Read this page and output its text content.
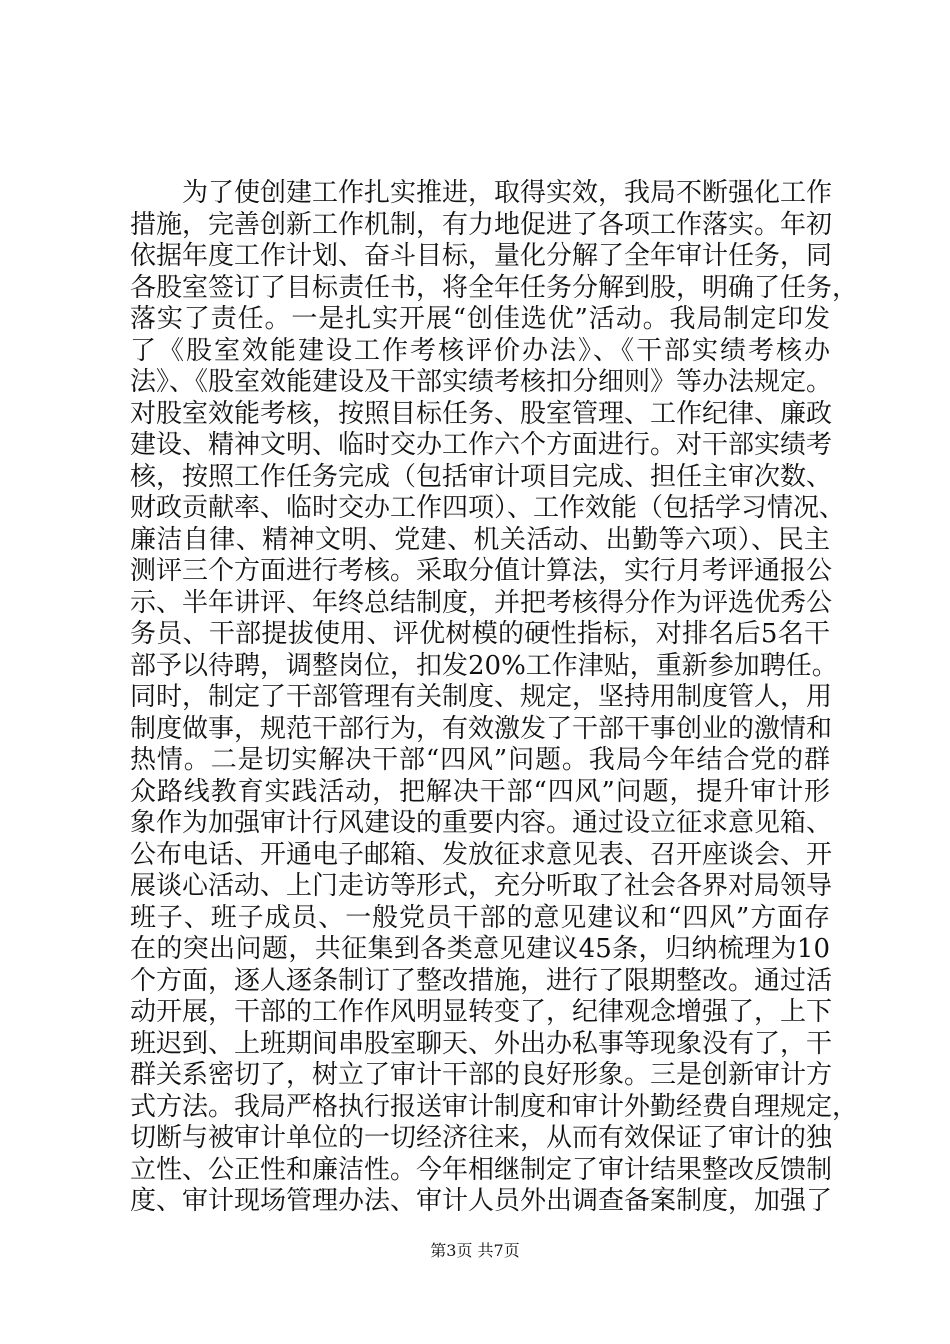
为了使创建工作扎实推进，取得实效，我局不断强化工作
措施，完善创新工作机制，有力地促进了各项工作落实。年初
依据年度工作计划、奋斗目标，量化分解了全年审计任务，同
各股室签订了目标责任书，将全年任务分解到股，明确了任务，
落实了责任。一是扎实开展“创佳选优”活动。我局制定印发
了《股室效能建设工作考核评价办法》、《干部实绩考核办
法》、《股室效能建设及干部实绩考核扣分细则》等办法规定。
对股室效能考核，按照目标任务、股室管理、工作纪律、廉政
建设、精神文明、临时交办工作六个方面进行。对干部实绩考
核，按照工作任务完成（包括审计项目完成、担任主审次数、
财政贡献率、临时交办工作四项）、工作效能（包括学习情况、
廉洁自律、精神文明、党建、机关活动、出勤等六项）、民主
测评三个方面进行考核。采取分值计算法，实行月考评通报公
示、半年讲评、年终总结制度，并把考核得分作为评选优秀公
务员、干部提拔使用、评优树模的硬性指标，对排名后5名干
部予以待聘，调整岗位，扣发20%工作津贴，重新参加聘任。
同时，制定了干部管理有关制度、规定，坚持用制度管人，用
制度做事，规范干部行为，有效激发了干部干事创业的激情和
热情。二是切实解决干部“四风”问题。我局今年结合党的群
众路线教育实践活动，把解决干部“四风”问题，提升审计形
象作为加强审计行风建设的重要内容。通过设立征求意见箱、
公布电话、开通电子邮箱、发放征求意见表、召开座谈会、开
展谈心活动、上门走访等形式，充分听取了社会各界对局领导
班子、班子成员、一般党员干部的意见建议和“四风”方面存
在的突出问题，共征集到各类意见建议45条，归纳梳理为10
个方面，逐人逐条制订了整改措施，进行了限期整改。通过活
动开展，干部的工作作风明显转变了，纪律观念增强了，上下
班迟到、上班期间串股室聊天、外出办私事等现象没有了，干
群关系密切了，树立了审计干部的良好形象。三是创新审计方
式方法。我局严格执行报送审计制度和审计外勤经费自理规定，
切断与被审计单位的一切经济往来，从而有效保证了审计的独
立性、公正性和廉洁性。今年相继制定了审计结果整改反馈制
度、审计现场管理办法、审计人员外出调查备案制度，加强了
第3页 共7页
